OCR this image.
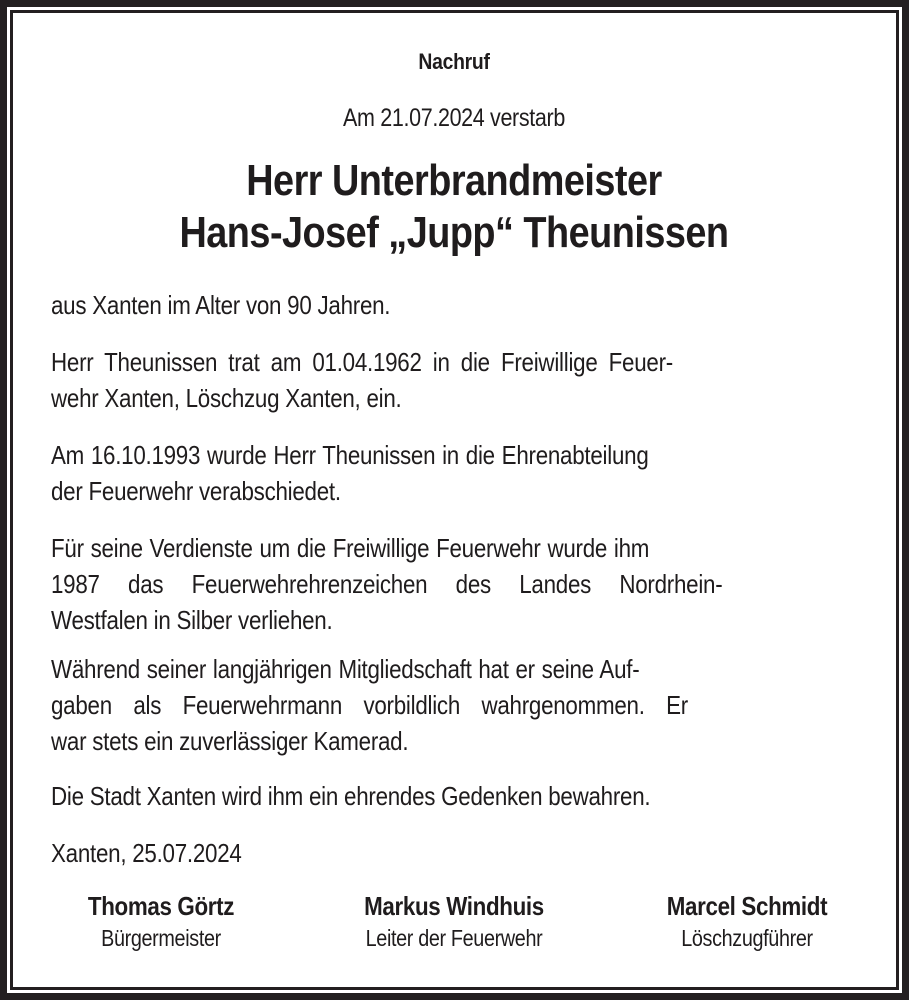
Nachruf
Am 21.07.2024 verstarb
Herr Unterbrandmeister
Hans-Josef „Jupp“ Theunissen
aus Xanten im Alter von 90 Jahren.
Herr Theunissen trat am 01.04.1962 in die Freiwillige Feuer-
wehr Xanten, Löschzug Xanten, ein.
Am 16.10.1993 wurde Herr Theunissen in die Ehrenabteilung
der Feuerwehr verabschiedet.
Für seine Verdienste um die Freiwillige Feuerwehr wurde ihm
1987 das Feuerwehrehrenzeichen des Landes Nordrhein-
Westfalen in Silber verliehen.
Während seiner langjährigen Mitgliedschaft hat er seine Auf-
gaben als Feuerwehrmann vorbildlich wahrgenommen. Er
war stets ein zuverlässiger Kamerad.
Die Stadt Xanten wird ihm ein ehrendes Gedenken bewahren.
Xanten, 25.07.2024
Thomas Görtz
Bürgermeister
Markus Windhuis
Leiter der Feuerwehr
Marcel Schmidt
Löschzugführer
